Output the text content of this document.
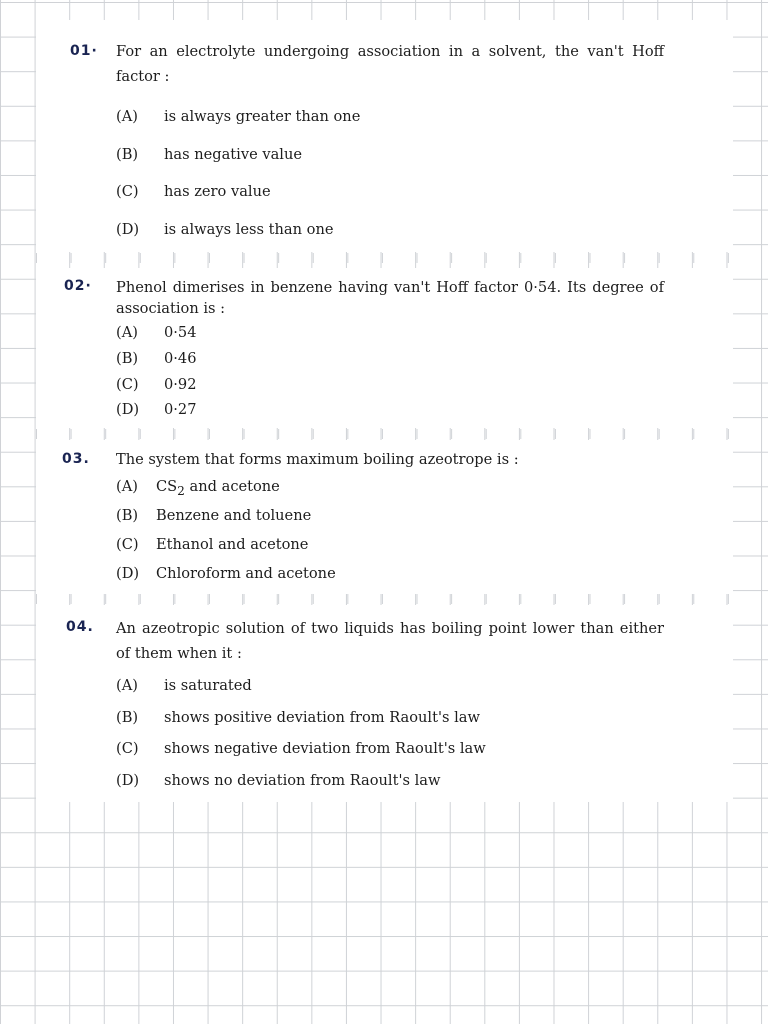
01· For an electrolyte undergoing association in a solvent, the van't Hoff factor :
(A) is always greater than one
(B) has negative value
(C) has zero value
(D) is always less than one
02· Phenol dimerises in benzene having van't Hoff factor 0·54. Its degree of association is :
(A) 0·54
(B) 0·46
(C) 0·92
(D) 0·27
03. The system that forms maximum boiling azeotrope is :
(A) $CS_2$ and acetone
(B) Benzene and toluene
(C) Ethanol and acetone
(D) Chloroform and acetone
04. An azeotropic solution of two liquids has boiling point lower than either of them when it :
(A) is saturated
(B) shows positive deviation from Raoult's law
(C) shows negative deviation from Raoult's law
(D) shows no deviation from Raoult's law
